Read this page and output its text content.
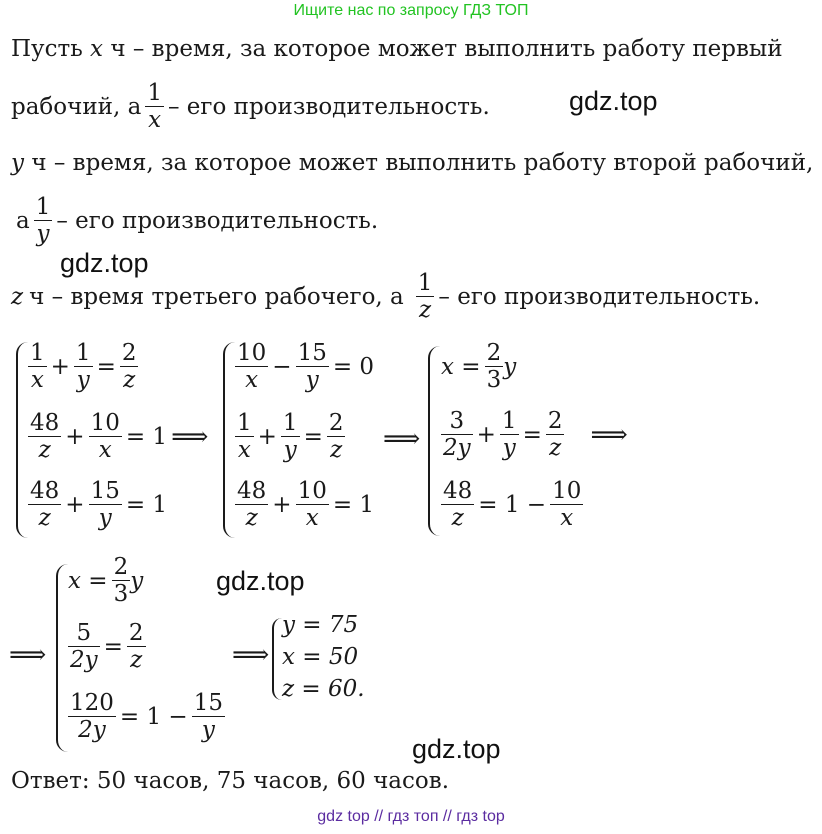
Ищите нас по запросу ГДЗ ТОП
Пусть x ч – время, за которое может выполнить работу первый
рабочий, а $\frac{1}{x}$ – его производительность.	gdz.top
y ч – время, за которое может выполнить работу второй рабочий,
а $\frac{1}{y}$ – его производительность.
gdz.top
z ч – время третьего рабочего, а $\frac{1}{z}$ – его производительность.
$\frac{1}{x} + \frac{1}{y} = \frac{2}{z}$
$\frac{48}{z} + \frac{10}{x} = 1$ ⟹
$\frac{48}{z} + \frac{15}{y} = 1$
$\frac{10}{x} - \frac{15}{y} = 0$
$\frac{1}{x} + \frac{1}{y} = \frac{2}{z}$
$\frac{48}{z} + \frac{10}{x} = 1$
⟹
$x = \frac{2}{3}$ y
$\frac{3}{2y} + \frac{1}{y} = \frac{2}{z}$ ⟹
$\frac{48}{z} = 1 - \frac{10}{x}$
gdz.top
⟹
$x = \frac{2}{3}$ y
$\frac{5}{2y} = \frac{2}{z}$
$\frac{120}{2y} = 1 - \frac{15}{y}$
⟹
y = 75
x = 50
z = 60.
gdz.top
Ответ: 50 часов, 75 часов, 60 часов.
gdz top // гдз топ // гдз top
